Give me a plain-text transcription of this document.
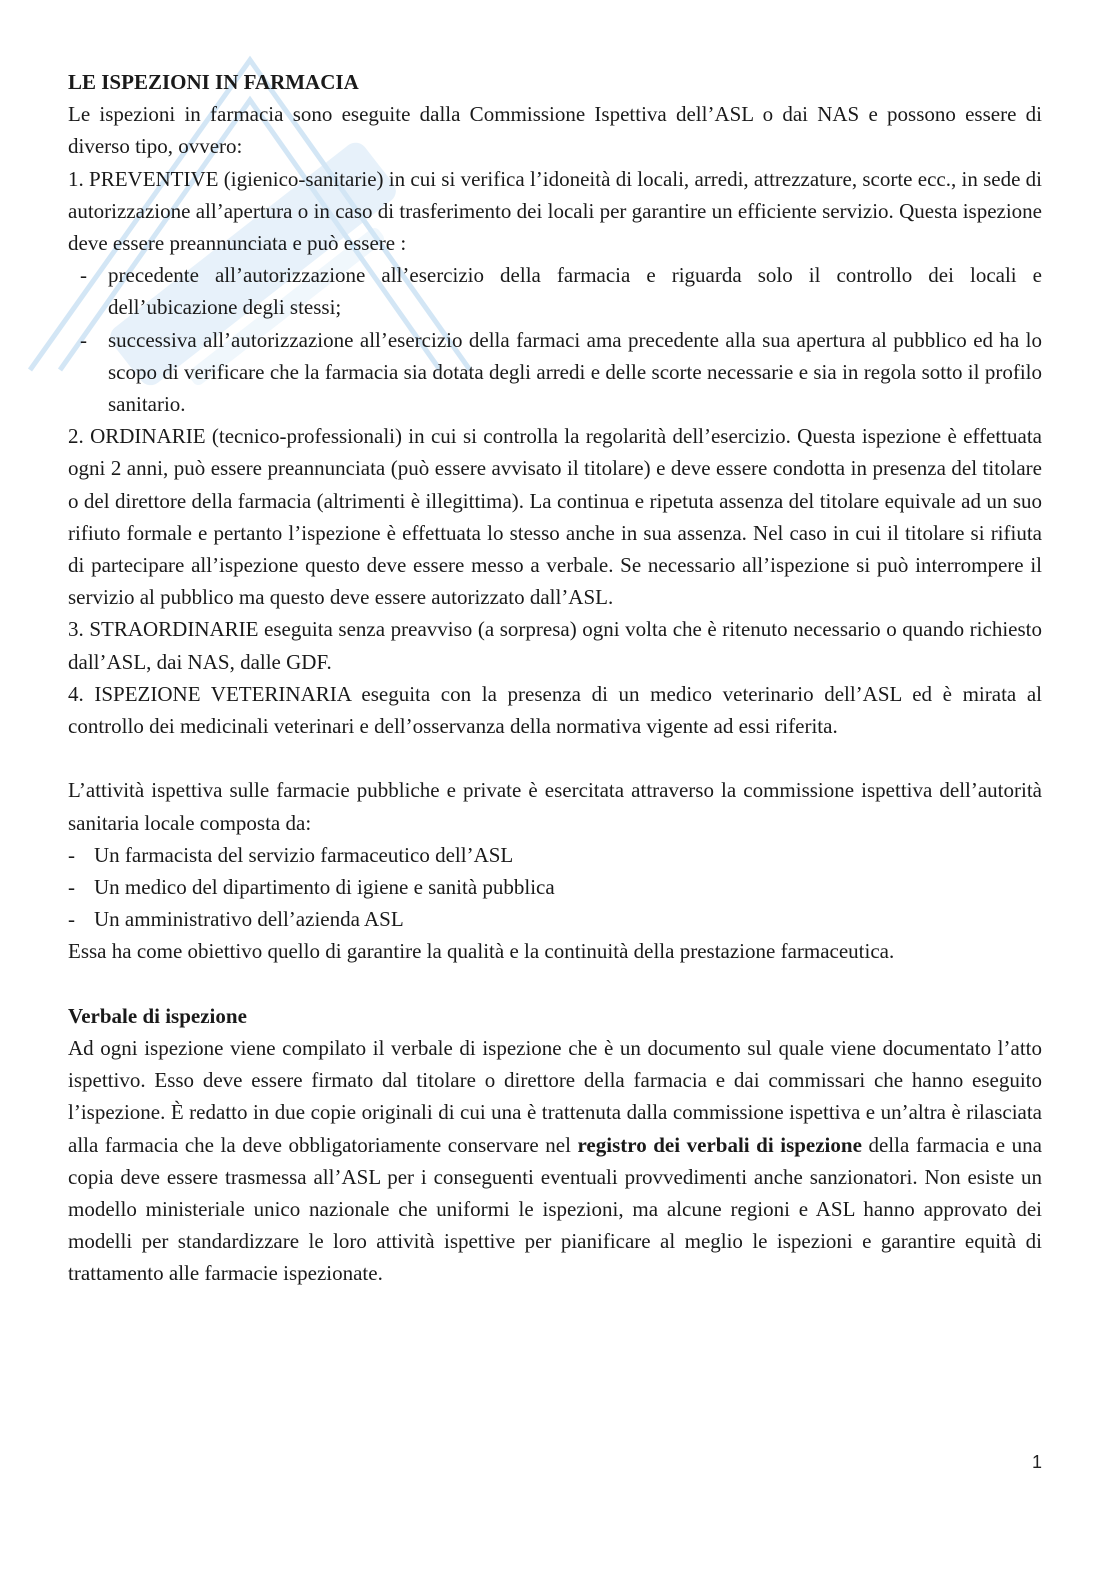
LE ISPEZIONI IN FARMACIA

Le ispezioni in farmacia sono eseguite dalla Commissione Ispettiva dell’ASL o dai NAS e possono essere di diverso tipo, ovvero:

1. PREVENTIVE (igienico-sanitarie) in cui si verifica l’idoneità di locali, arredi, attrezzature, scorte ecc., in sede di autorizzazione all’apertura o in caso di trasferimento dei locali per garantire un efficiente servizio. Questa ispezione deve essere preannunciata e può essere :

- precedente all’autorizzazione all’esercizio della farmacia e riguarda solo il controllo dei locali e dell’ubicazione degli stessi;
- successiva all’autorizzazione all’esercizio della farmaci ama precedente alla sua apertura al pubblico ed ha lo scopo di verificare che la farmacia sia dotata degli arredi e delle scorte necessarie e sia in regola sotto il profilo sanitario.

2. ORDINARIE (tecnico-professionali) in cui si controlla la regolarità dell’esercizio. Questa ispezione è effettuata ogni 2 anni, può essere preannunciata (può essere avvisato il titolare) e deve essere condotta in presenza del titolare o del direttore della farmacia (altrimenti è illegittima). La continua e ripetuta assenza del titolare equivale ad un suo rifiuto formale e pertanto l’ispezione è effettuata lo stesso anche in sua assenza. Nel caso in cui il titolare si rifiuta di partecipare all’ispezione questo deve essere messo a verbale. Se necessario all’ispezione si può interrompere il servizio al pubblico ma questo deve essere autorizzato dall’ASL.

3. STRAORDINARIE eseguita senza preavviso (a sorpresa) ogni volta che è ritenuto necessario o quando richiesto dall’ASL, dai NAS, dalle GDF.

4. ISPEZIONE VETERINARIA eseguita con la presenza di un medico veterinario dell’ASL ed è mirata al controllo dei medicinali veterinari e dell’osservanza della normativa vigente ad essi riferita.

L’attività ispettiva sulle farmacie pubbliche e private è esercitata attraverso la commissione ispettiva dell’autorità sanitaria locale composta da:

- Un farmacista del servizio farmaceutico dell’ASL
- Un medico del dipartimento di igiene e sanità pubblica
- Un amministrativo dell’azienda ASL

Essa ha come obiettivo quello di garantire la qualità e la continuità della prestazione farmaceutica.

Verbale di ispezione

Ad ogni ispezione viene compilato il verbale di ispezione che è un documento sul quale viene documentato l’atto ispettivo. Esso deve essere firmato dal titolare o direttore della farmacia e dai commissari che hanno eseguito l’ispezione. È redatto in due copie originali di cui una è trattenuta dalla commissione ispettiva e un’altra è rilasciata alla farmacia che la deve obbligatoriamente conservare nel registro dei verbali di ispezione della farmacia e una copia deve essere trasmessa all’ASL per i conseguenti eventuali provvedimenti anche sanzionatori. Non esiste un modello ministeriale unico nazionale che uniformi le ispezioni, ma alcune regioni e ASL hanno approvato dei modelli per standardizzare le loro attività ispettive per pianificare al meglio le ispezioni e garantire equità di trattamento alle farmacie ispezionate.

1
